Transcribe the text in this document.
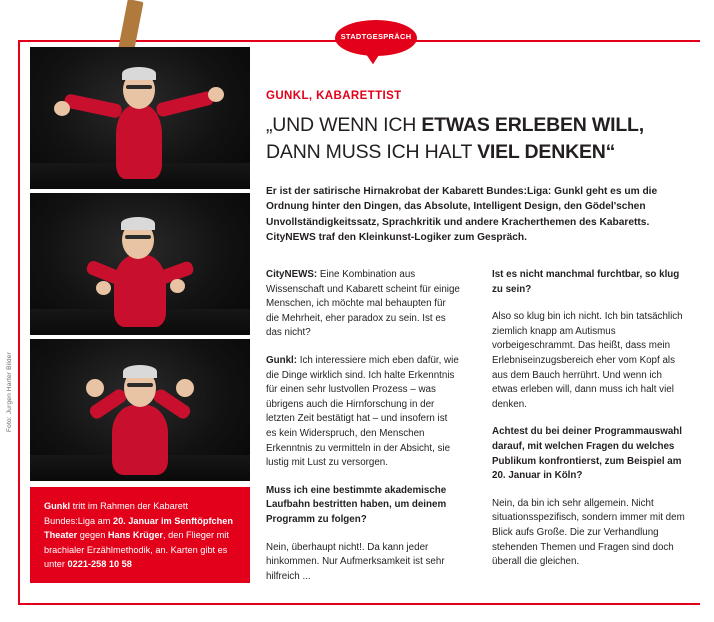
STADTGESPRÄCH
Foto: Jurgen Harter Bilder
Gunkl tritt im Rahmen der Kabarett Bundes:Liga am 20. Januar im Senftöpfchen Theater gegen Hans Krüger, den Flieger mit brachialer Erzählmethodik, an. Karten gibt es unter 0221-258 10 58
GUNKL, KABARETTIST
„UND WENN ICH ETWAS ERLEBEN WILL,
DANN MUSS ICH HALT VIEL DENKEN“

Er ist der satirische Hirnakrobat der Kabarett Bundes:Liga: Gunkl geht es um die Ordnung hinter den Dingen, das Absolute, Intelligent Design, den Gödel'schen Unvollständigkeitssatz, Sprachkritik und andere Kracherthemen des Kabaretts. CityNEWS traf den Kleinkunst-Logiker zum Gespräch.

CityNEWS: Eine Kombination aus Wissenschaft und Kabarett scheint für einige Menschen, ich möchte mal behaupten für die Mehrheit, eher paradox zu sein. Ist es das nicht?

Gunkl: Ich interessiere mich eben dafür, wie die Dinge wirklich sind. Ich halte Erkenntnis für einen sehr lustvollen Prozess – was übrigens auch die Hirnforschung in der letzten Zeit bestätigt hat – und insofern ist es kein Widerspruch, den Menschen Erkenntnis zu vermitteln in der Absicht, sie lustig mit Lust zu versorgen.

Muss ich eine bestimmte akademische Laufbahn bestritten haben, um deinem Programm zu folgen?

Nein, überhaupt nicht!. Da kann jeder hinkommen. Nur Aufmerksamkeit ist sehr hilfreich ...

Ist es nicht manchmal furchtbar, so klug zu sein?

Also so klug bin ich nicht. Ich bin tatsächlich ziemlich knapp am Autismus vorbeigeschrammt. Das heißt, dass mein Erlebniseinzugsbereich eher vom Kopf als aus dem Bauch herrührt. Und wenn ich etwas erleben will, dann muss ich halt viel denken.

Achtest du bei deiner Programmauswahl darauf, mit welchen Fragen du welches Publikum konfrontierst, zum Beispiel am 20. Januar in Köln?

Nein, da bin ich sehr allgemein. Nicht situationsspezifisch, sondern immer mit dem Blick aufs Große. Die zur Verhandlung stehenden Themen und Fragen sind doch überall die gleichen.
